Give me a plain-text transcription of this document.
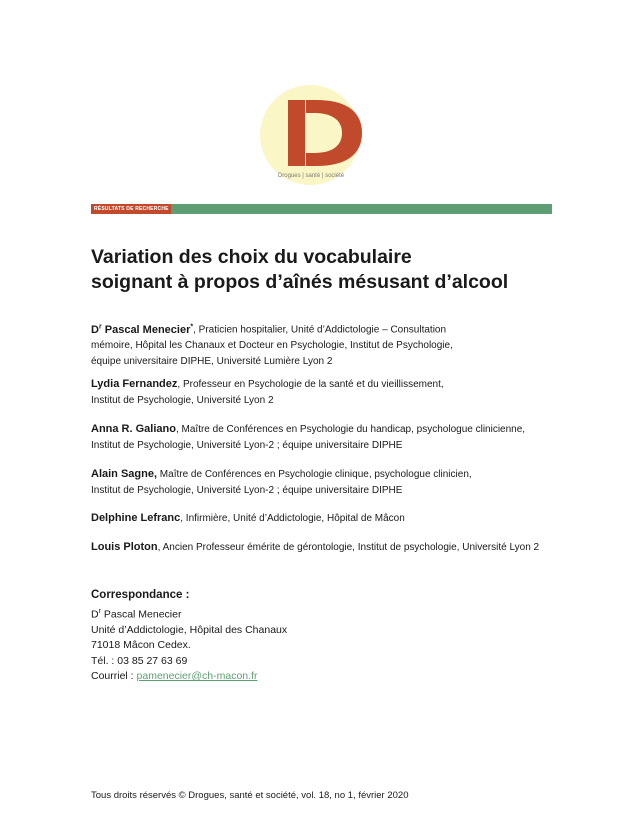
Drogues | santé | société
RÉSULTATS DE RECHERCHE
Variation des choix du vocabulaire
soignant à propos d’aînés mésusant d’alcool
$D^r$ Pascal Menecier*, Praticien hospitalier, Unité d’Addictologie – Consultation
mémoire, Hôpital les Chanaux et Docteur en Psychologie, Institut de Psychologie,
équipe universitaire DIPHE, Université Lumière Lyon 2
Lydia Fernandez, Professeur en Psychologie de la santé et du vieillissement,
Institut de Psychologie, Université Lyon 2
Anna R. Galiano, Maître de Conférences en Psychologie du handicap, psychologue clinicienne,
Institut de Psychologie, Université Lyon-2 ; équipe universitaire DIPHE
Alain Sagne, Maître de Conférences en Psychologie clinique, psychologue clinicien,
Institut de Psychologie, Université Lyon-2 ; équipe universitaire DIPHE
Delphine Lefranc, Infirmière, Unité d’Addictologie, Hôpital de Mâcon
Louis Ploton, Ancien Professeur émérite de gérontologie, Institut de psychologie, Université Lyon 2
Correspondance :
$D^r$ Pascal Menecier
Unité d’Addictologie, Hôpital des Chanaux
71018 Mâcon Cedex.
Tél. : 03 85 27 63 69
Courriel : pamenecier@ch-macon.fr
Tous droits réservés © Drogues, santé et société, vol. 18, no 1, février 2020
